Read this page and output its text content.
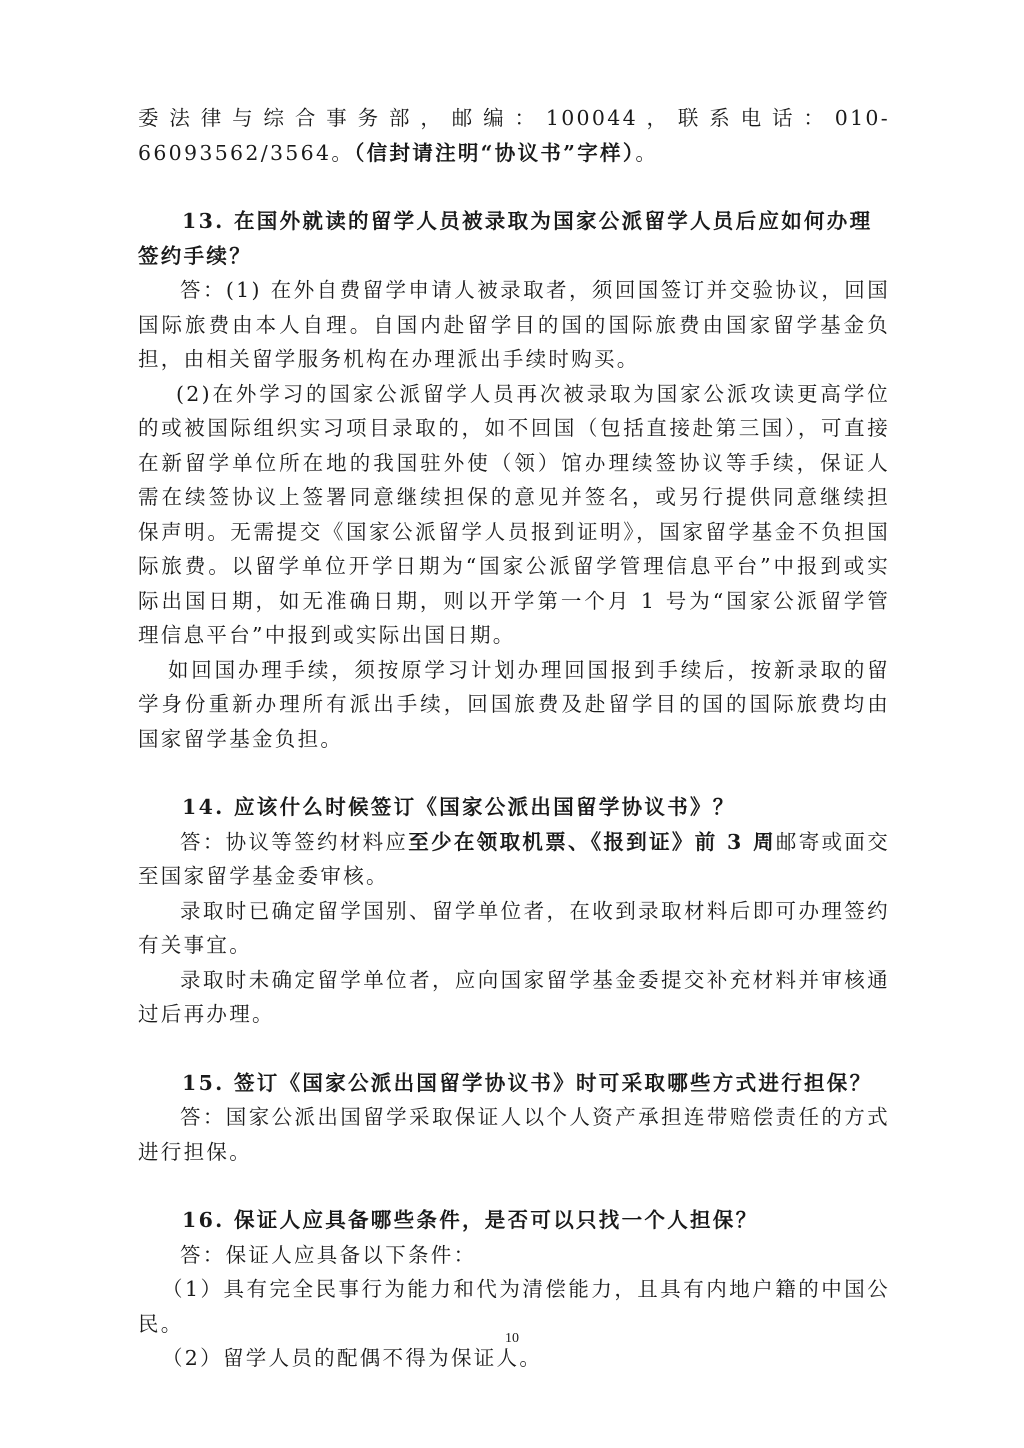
委法律与综合事务部，邮编：100044，联系电话：010-66093562/3564。（信封请注明“协议书”字样）。

13. 在国外就读的留学人员被录取为国家公派留学人员后应如何办理签约手续？

答：(1) 在外自费留学申请人被录取者，须回国签订并交验协议，回国国际旅费由本人自理。自国内赴留学目的国的国际旅费由国家留学基金负担，由相关留学服务机构在办理派出手续时购买。

(2)在外学习的国家公派留学人员再次被录取为国家公派攻读更高学位的或被国际组织实习项目录取的，如不回国（包括直接赴第三国），可直接在新留学单位所在地的我国驻外使（领）馆办理续签协议等手续，保证人需在续签协议上签署同意继续担保的意见并签名，或另行提供同意继续担保声明。无需提交《国家公派留学人员报到证明》，国家留学基金不负担国际旅费。以留学单位开学日期为“国家公派留学管理信息平台”中报到或实际出国日期，如无准确日期，则以开学第一个月 1 号为“国家公派留学管理信息平台”中报到或实际出国日期。

如回国办理手续，须按原学习计划办理回国报到手续后，按新录取的留学身份重新办理所有派出手续，回国旅费及赴留学目的国的国际旅费均由国家留学基金负担。

14. 应该什么时候签订《国家公派出国留学协议书》？

答：协议等签约材料应至少在领取机票、《报到证》前 3 周邮寄或面交至国家留学基金委审核。

录取时已确定留学国别、留学单位者，在收到录取材料后即可办理签约有关事宜。

录取时未确定留学单位者，应向国家留学基金委提交补充材料并审核通过后再办理。

15. 签订《国家公派出国留学协议书》时可采取哪些方式进行担保？

答：国家公派出国留学采取保证人以个人资产承担连带赔偿责任的方式进行担保。

16. 保证人应具备哪些条件，是否可以只找一个人担保？

答：保证人应具备以下条件：

（1）具有完全民事行为能力和代为清偿能力，且具有内地户籍的中国公民。

（2）留学人员的配偶不得为保证人。

10
